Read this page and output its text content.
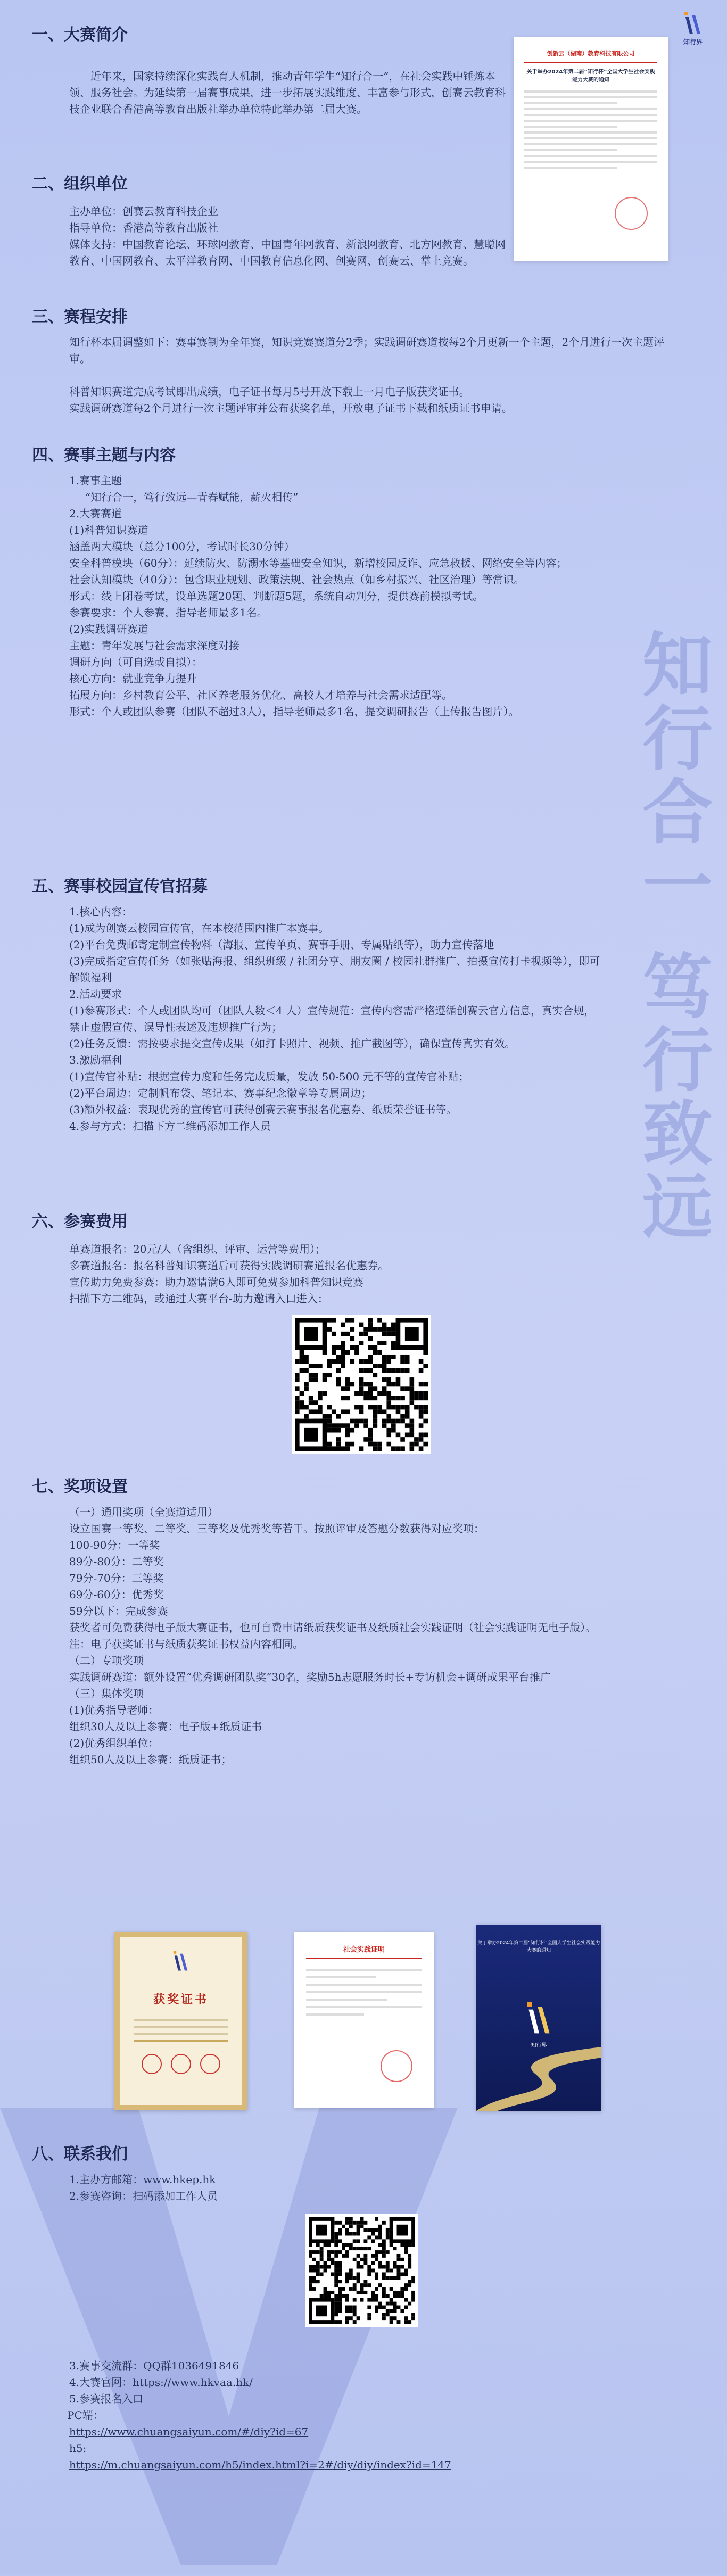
知行合一 笃行致远
知行界
创新云（湖南）教育科技有限公司
关于举办2024年第二届“知行杯”全国大学生社会实践能力大赛的通知
一、大赛简介

近年来，国家持续深化实践育人机制，推动青年学生“知行合一”，在社会实践中锤炼本领、服务社会。为延续第一届赛事成果，进一步拓展实践维度、丰富参与形式，创赛云教育科技企业联合香港高等教育出版社举办单位特此举办第二届大赛。

二、组织单位

主办单位：创赛云教育科技企业

指导单位：香港高等教育出版社

媒体支持：中国教育论坛、环球网教育、中国青年网教育、新浪网教育、北方网教育、慧聪网教育、中国网教育、太平洋教育网、中国教育信息化网、创赛网、创赛云、掌上竞赛。

三、赛程安排

知行杯本届调整如下：赛事赛制为全年赛，知识竞赛赛道分2季；实践调研赛道按每2个月更新一个主题，2个月进行一次主题评审。

科普知识赛道完成考试即出成绩，电子证书每月5号开放下载上一月电子版获奖证书。

实践调研赛道每2个月进行一次主题评审并公布获奖名单，开放电子证书下载和纸质证书申请。

四、赛事主题与内容

1.赛事主题

“知行合一，笃行致远—青春赋能，薪火相传”

2.大赛赛道

(1)科普知识赛道

涵盖两大模块（总分100分，考试时长30分钟）

安全科普模块（60分）：延续防火、防溺水等基础安全知识，新增校园反诈、应急救援、网络安全等内容；

社会认知模块（40分）：包含职业规划、政策法规、社会热点（如乡村振兴、社区治理）等常识。

形式：线上闭卷考试，设单选题20题、判断题5题，系统自动判分，提供赛前模拟考试。

参赛要求：个人参赛，指导老师最多1名。

(2)实践调研赛道

主题：青年发展与社会需求深度对接

调研方向（可自选或自拟）：

核心方向：就业竞争力提升

拓展方向：乡村教育公平、社区养老服务优化、高校人才培养与社会需求适配等。

形式：个人或团队参赛（团队不超过3人），指导老师最多1名，提交调研报告（上传报告图片）。

五、赛事校园宣传官招募

1.核心内容：

(1)成为创赛云校园宣传官，在本校范围内推广本赛事。

(2)平台免费邮寄定制宣传物料（海报、宣传单页、赛事手册、专属贴纸等），助力宣传落地

(3)完成指定宣传任务（如张贴海报、组织班级 / 社团分享、朋友圈 / 校园社群推广、拍摄宣传打卡视频等），即可解锁福利

2.活动要求

(1)参赛形式：个人或团队均可（团队人数＜4 人）宣传规范：宣传内容需严格遵循创赛云官方信息，真实合规，禁止虚假宣传、误导性表述及违规推广行为；

(2)任务反馈：需按要求提交宣传成果（如打卡照片、视频、推广截图等），确保宣传真实有效。

3.激励福利

(1)宣传官补贴：根据宣传力度和任务完成质量，发放 50-500 元不等的宣传官补贴；

(2)平台周边：定制帆布袋、笔记本、赛事纪念徽章等专属周边；

(3)额外权益：表现优秀的宣传官可获得创赛云赛事报名优惠券、纸质荣誉证书等。

4.参与方式：扫描下方二维码添加工作人员

六、参赛费用

单赛道报名：20元/人（含组织、评审、运营等费用）；

多赛道报名：报名科普知识赛道后可获得实践调研赛道报名优惠券。

宣传助力免费参赛：助力邀请满6人即可免费参加科普知识竞赛

扫描下方二维码，或通过大赛平台-助力邀请入口进入：

七、奖项设置

（一）通用奖项（全赛道适用）

设立国赛一等奖、二等奖、三等奖及优秀奖等若干。按照评审及答题分数获得对应奖项：

100-90分：一等奖

89分-80分：二等奖

79分-70分：三等奖

69分-60分：优秀奖

59分以下：完成参赛

获奖者可免费获得电子版大赛证书，也可自费申请纸质获奖证书及纸质社会实践证明（社会实践证明无电子版）。

注：电子获奖证书与纸质获奖证书权益内容相同。

（二）专项奖项

实践调研赛道：额外设置“优秀调研团队奖”30名，奖励5h志愿服务时长+专访机会+调研成果平台推广

（三）集体奖项

(1)优秀指导老师：

组织30人及以上参赛：电子版+纸质证书

(2)优秀组织单位：

组织50人及以上参赛：纸质证书；

获奖证书

社会实践证明
关于举办2024年第二届“知行杯”全国大学生社会实践能力大赛的通知
知行界
八、联系我们

1.主办方邮箱：www.hkep.hk

2.参赛咨询：扫码添加工作人员

3.赛事交流群：QQ群1036491846

4.大赛官网：https://www.hkvaa.hk/

5.参赛报名入口

PC端：

https://www.chuangsaiyun.com/#/diy?id=67

h5:

https://m.chuangsaiyun.com/h5/index.html?i=2#/diy/diy/index?id=147
